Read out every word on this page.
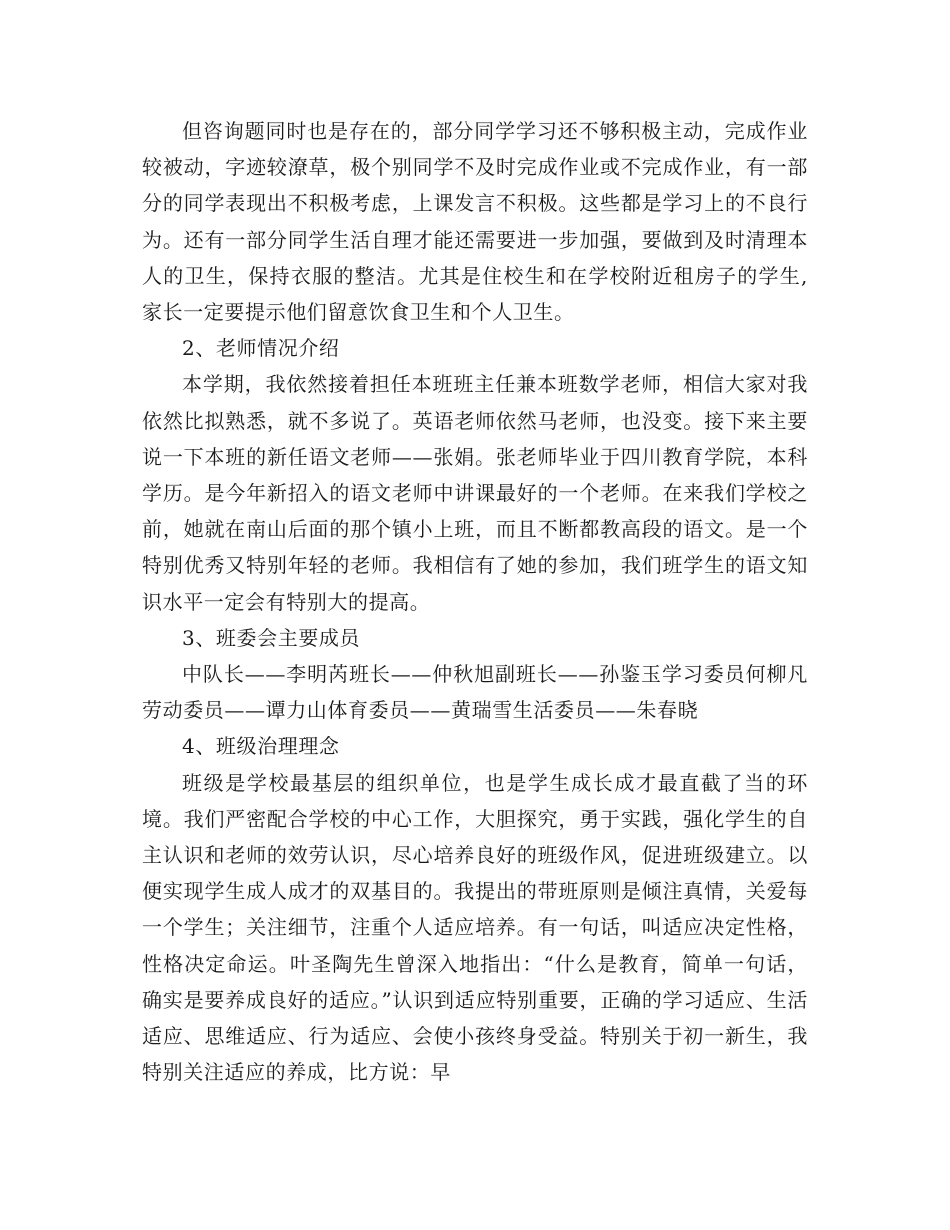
但咨询题同时也是存在的，部分同学学习还不够积极主动，完成作业较被动，字迹较潦草，极个别同学不及时完成作业或不完成作业，有一部分的同学表现出不积极考虑，上课发言不积极。这些都是学习上的不良行为。还有一部分同学生活自理才能还需要进一步加强，要做到及时清理本人的卫生，保持衣服的整洁。尤其是住校生和在学校附近租房子的学生,家长一定要提示他们留意饮食卫生和个人卫生。

2、老师情况介绍

本学期，我依然接着担任本班班主任兼本班数学老师，相信大家对我依然比拟熟悉，就不多说了。英语老师依然马老师，也没变。接下来主要说一下本班的新任语文老师——张娟。张老师毕业于四川教育学院，本科学历。是今年新招入的语文老师中讲课最好的一个老师。在来我们学校之前，她就在南山后面的那个镇小上班，而且不断都教高段的语文。是一个特别优秀又特别年轻的老师。我相信有了她的参加，我们班学生的语文知识水平一定会有特别大的提高。

3、班委会主要成员

中队长——李明芮班长——仲秋旭副班长——孙鉴玉学习委员何柳凡劳动委员——谭力山体育委员——黄瑞雪生活委员——朱春晓

4、班级治理理念

班级是学校最基层的组织单位，也是学生成长成才最直截了当的环境。我们严密配合学校的中心工作，大胆探究，勇于实践，强化学生的自主认识和老师的效劳认识，尽心培养良好的班级作风，促进班级建立。以便实现学生成人成才的双基目的。我提出的带班原则是倾注真情，关爱每一个学生；关注细节，注重个人适应培养。有一句话，叫适应决定性格，性格决定命运。叶圣陶先生曾深入地指出：“什么是教育，简单一句话，确实是要养成良好的适应。”认识到适应特别重要，正确的学习适应、生活适应、思维适应、行为适应、会使小孩终身受益。特别关于初一新生，我特别关注适应的养成，比方说：早
